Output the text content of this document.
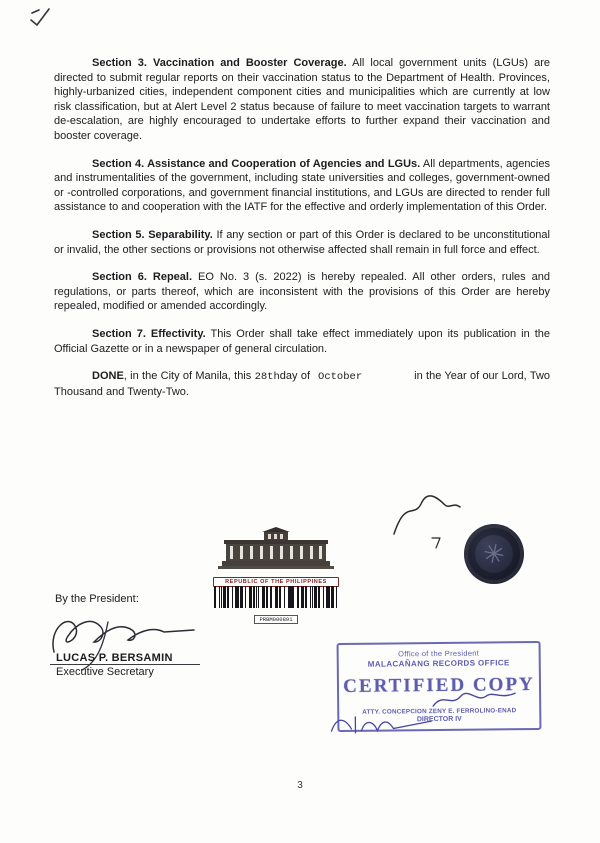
Section 3. Vaccination and Booster Coverage. All local government units (LGUs) are directed to submit regular reports on their vaccination status to the Department of Health. Provinces, highly-urbanized cities, independent component cities and municipalities which are currently at low risk classification, but at Alert Level 2 status because of failure to meet vaccination targets to warrant de-escalation, are highly encouraged to undertake efforts to further expand their vaccination and booster coverage.

Section 4. Assistance and Cooperation of Agencies and LGUs. All departments, agencies and instrumentalities of the government, including state universities and colleges, government-owned or -controlled corporations, and government financial institutions, and LGUs are directed to render full assistance to and cooperation with the IATF for the effective and orderly implementation of this Order.

Section 5. Separability. If any section or part of this Order is declared to be unconstitutional or invalid, the other sections or provisions not otherwise affected shall remain in full force and effect.

Section 6. Repeal. EO No. 3 (s. 2022) is hereby repealed. All other orders, rules and regulations, or parts thereof, which are inconsistent with the provisions of this Order are hereby repealed, modified or amended accordingly.

Section 7. Effectivity. This Order shall take effect immediately upon its publication in the Official Gazette or in a newspaper of general circulation.

DONE, in the City of Manila, this 28thday of October	in the Year of our Lord, Two Thousand and Twenty-Two.

REPUBLIC OF THE PHILIPPINES
PRBM000891
✳
By the President:
LUCAS P. BERSAMIN
Executive Secretary
Office of the President
MALACAÑANG RECORDS OFFICE
CERTIFIED COPY
ATTY. CONCEPCION ZENY E. FERROLINO-ENAD
DIRECTOR IV
3
